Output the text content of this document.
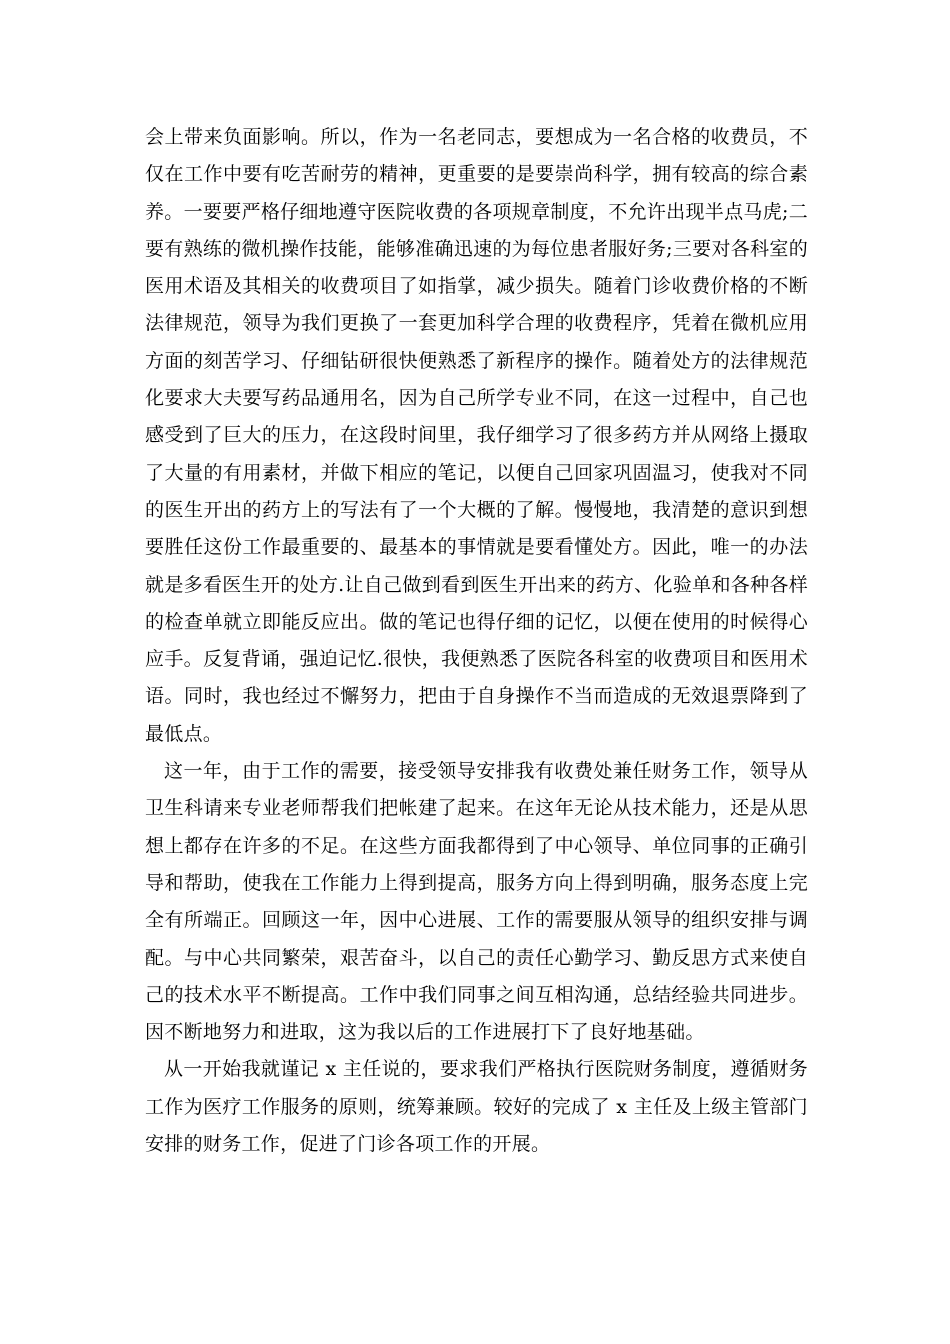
会上带来负面影响。所以，作为一名老同志，要想成为一名合格的收费员，不仅在工作中要有吃苦耐劳的精神，更重要的是要崇尚科学，拥有较高的综合素养。一要要严格仔细地遵守医院收费的各项规章制度，不允许出现半点马虎;二要有熟练的微机操作技能，能够准确迅速的为每位患者服好务;三要对各科室的医用术语及其相关的收费项目了如指掌，减少损失。随着门诊收费价格的不断法律规范，领导为我们更换了一套更加科学合理的收费程序，凭着在微机应用方面的刻苦学习、仔细钻研很快便熟悉了新程序的操作。随着处方的法律规范化要求大夫要写药品通用名，因为自己所学专业不同，在这一过程中，自己也感受到了巨大的压力，在这段时间里，我仔细学习了很多药方并从网络上摄取了大量的有用素材，并做下相应的笔记，以便自己回家巩固温习，使我对不同的医生开出的药方上的写法有了一个大概的了解。慢慢地，我清楚的意识到想要胜任这份工作最重要的、最基本的事情就是要看懂处方。因此，唯一的办法就是多看医生开的处方.让自己做到看到医生开出来的药方、化验单和各种各样的检查单就立即能反应出。做的笔记也得仔细的记忆，以便在使用的时候得心应手。反复背诵，强迫记忆.很快，我便熟悉了医院各科室的收费项目和医用术语。同时，我也经过不懈努力，把由于自身操作不当而造成的无效退票降到了最低点。

这一年，由于工作的需要，接受领导安排我有收费处兼任财务工作，领导从卫生科请来专业老师帮我们把帐建了起来。在这年无论从技术能力，还是从思想上都存在许多的不足。在这些方面我都得到了中心领导、单位同事的正确引导和帮助，使我在工作能力上得到提高，服务方向上得到明确，服务态度上完全有所端正。回顾这一年，因中心进展、工作的需要服从领导的组织安排与调配。与中心共同繁荣，艰苦奋斗，以自己的责任心勤学习、勤反思方式来使自己的技术水平不断提高。工作中我们同事之间互相沟通，总结经验共同进步。因不断地努力和进取，这为我以后的工作进展打下了良好地基础。

从一开始我就谨记 x 主任说的，要求我们严格执行医院财务制度，遵循财务工作为医疗工作服务的原则，统筹兼顾。较好的完成了 x 主任及上级主管部门安排的财务工作，促进了门诊各项工作的开展。
